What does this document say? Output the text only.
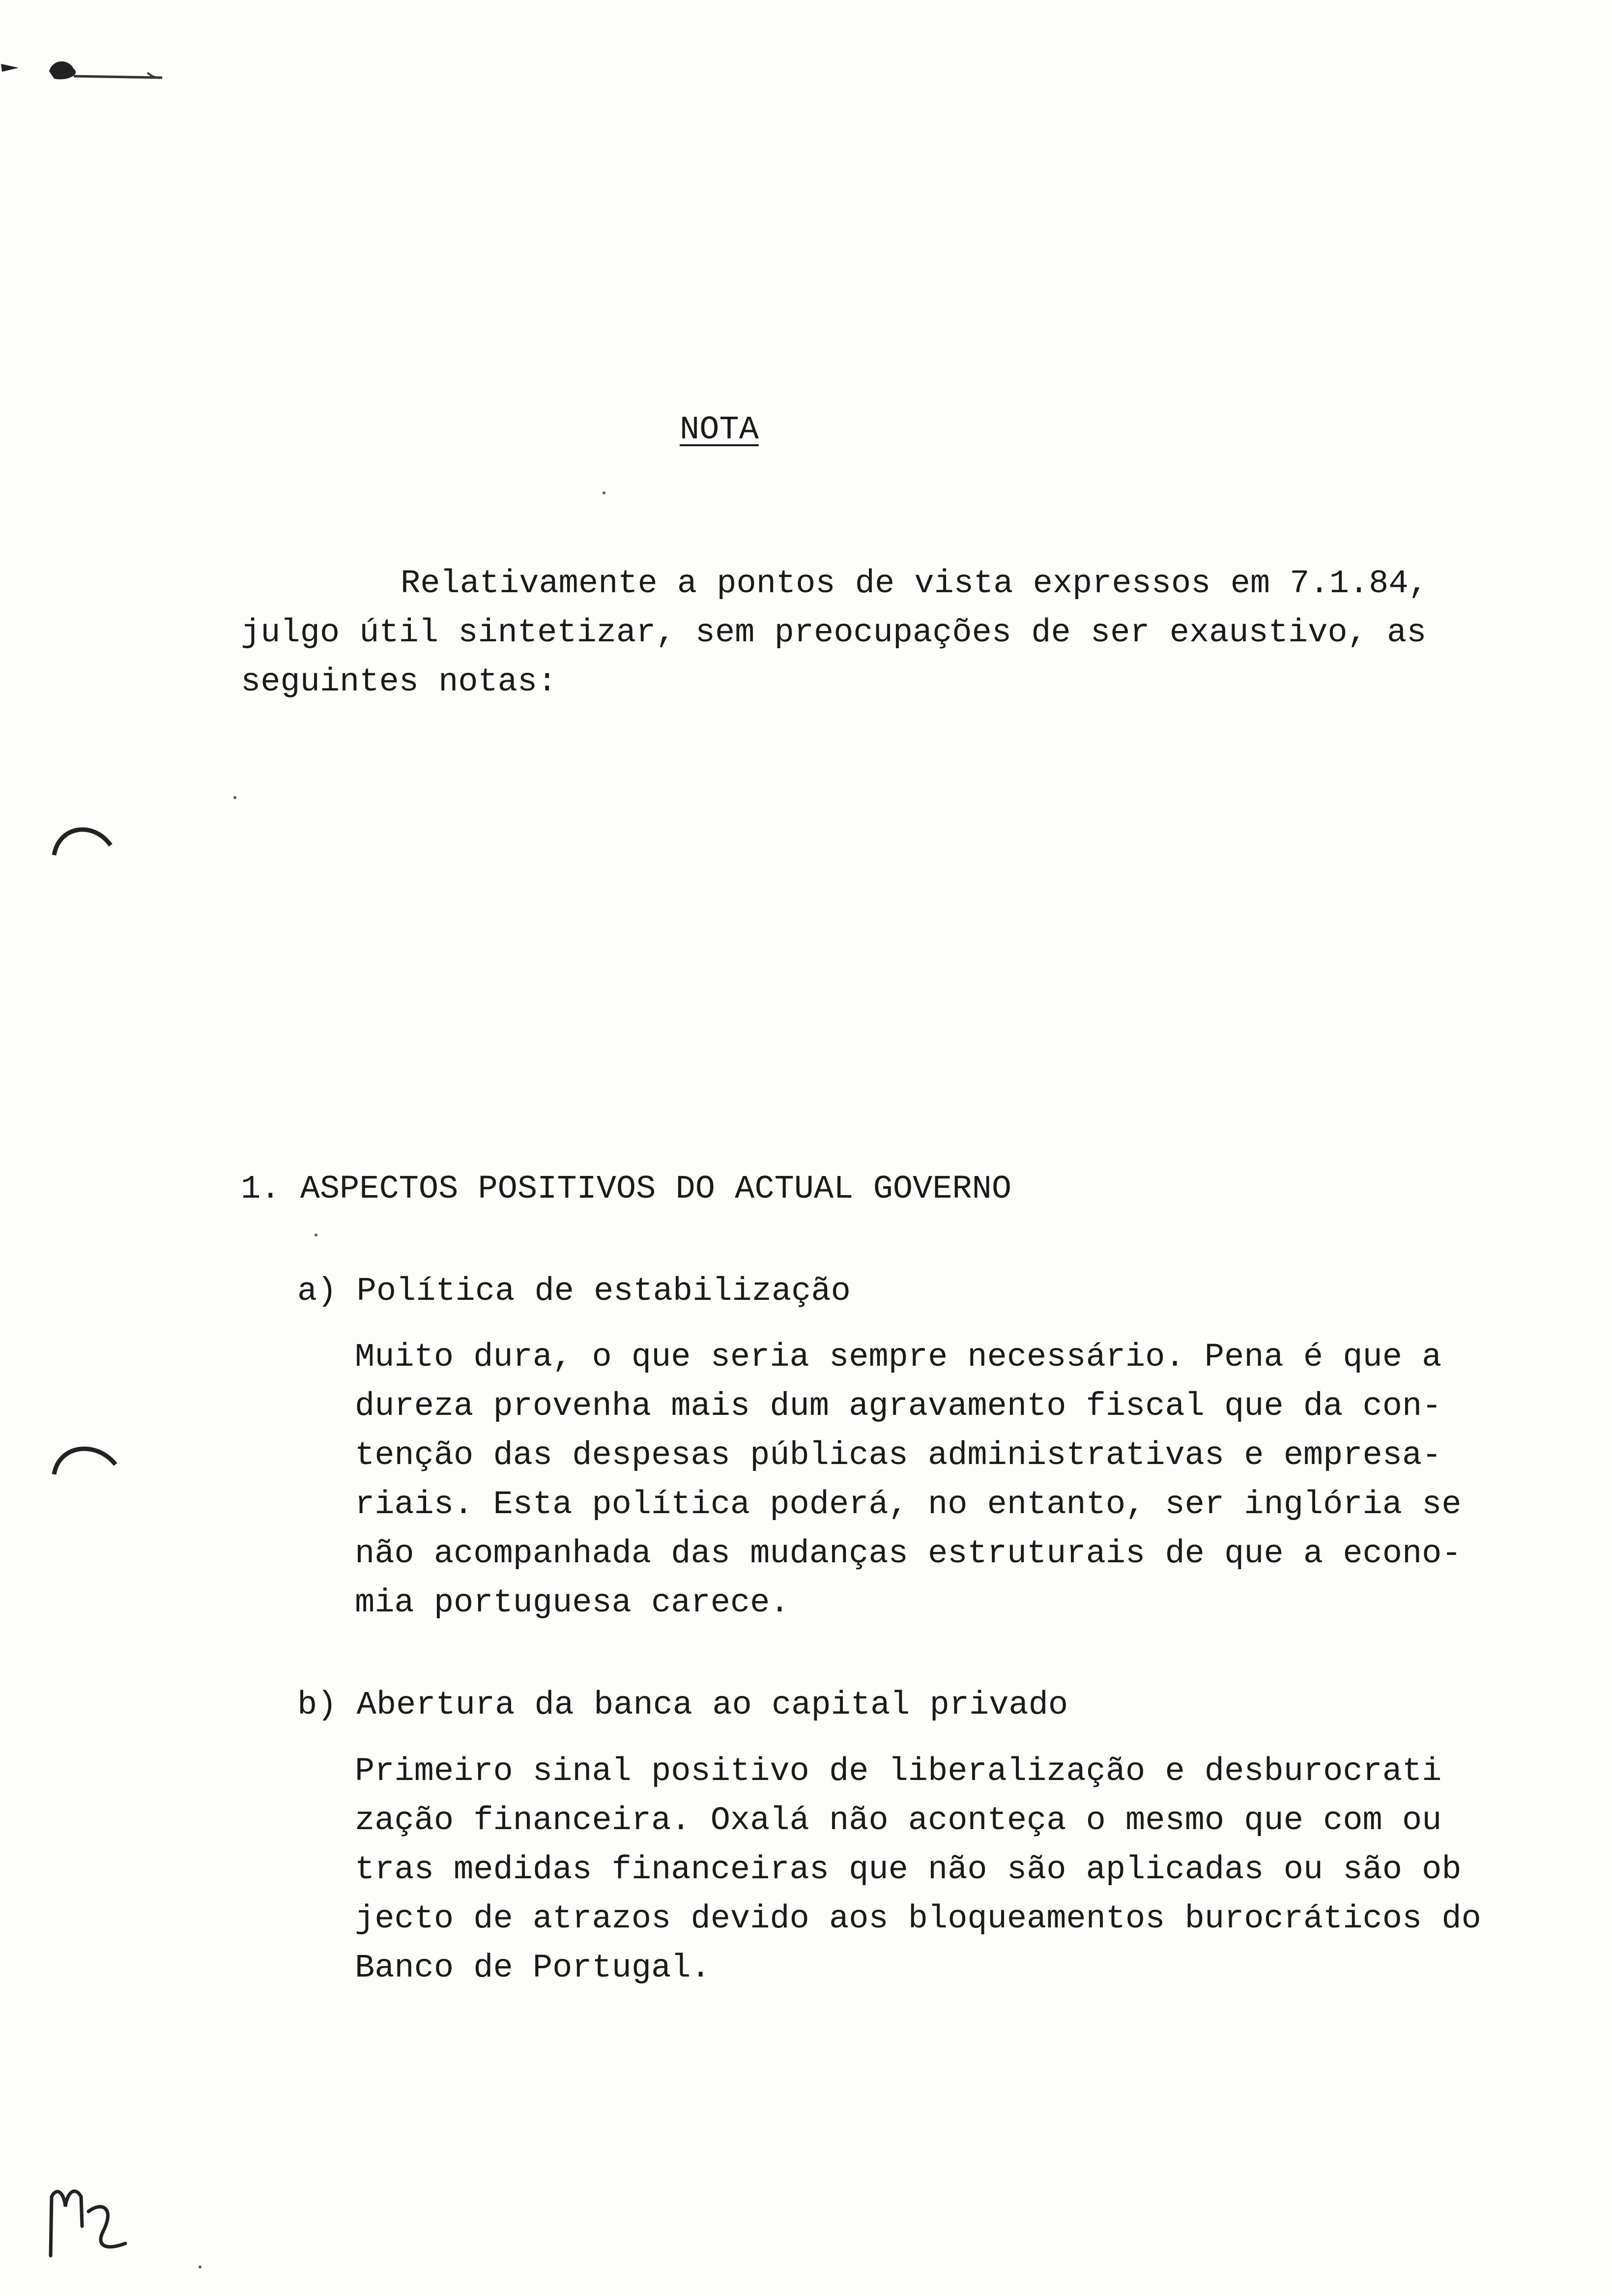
NOTA
Relativamente a pontos de vista expressos em 7.1.84,
julgo útil sintetizar, sem preocupações de ser exaustivo, as
seguintes notas:
1. ASPECTOS POSITIVOS DO ACTUAL GOVERNO
a) Política de estabilização
Muito dura, o que seria sempre necessário. Pena é que a
dureza provenha mais dum agravamento fiscal que da con-
tenção das despesas públicas administrativas e empresa-
riais. Esta política poderá, no entanto, ser inglória se
não acompanhada das mudanças estruturais de que a econo-
mia portuguesa carece.
b) Abertura da banca ao capital privado
Primeiro sinal positivo de liberalização e desburocrati
zação financeira. Oxalá não aconteça o mesmo que com ou
tras medidas financeiras que não são aplicadas ou são ob
jecto de atrazos devido aos bloqueamentos burocráticos do
Banco de Portugal.
